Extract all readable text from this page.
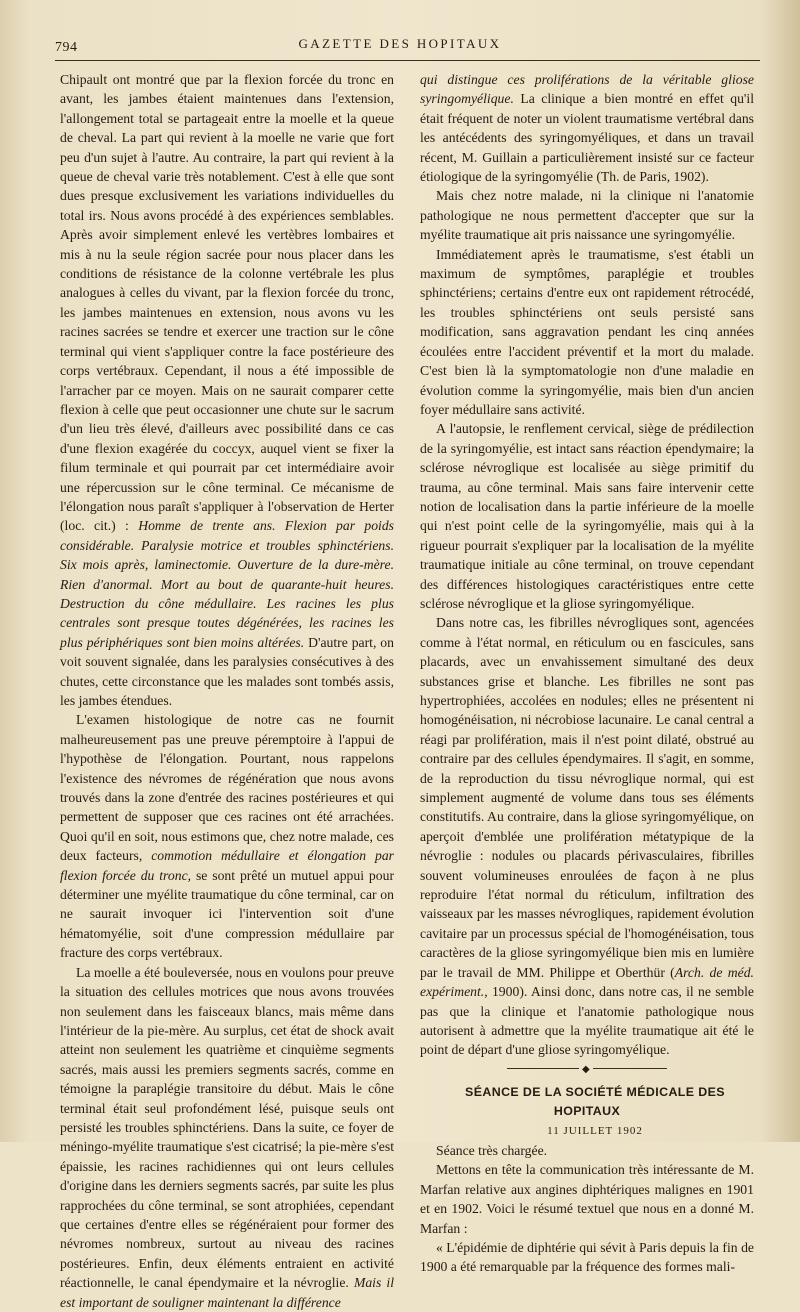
794	GAZETTE DES HOPITAUX

Chipault ont montré que par la flexion forcée du tronc en avant, les jambes étaient maintenues dans l'extension, l'allongement total se partageait entre la moelle et la queue de cheval. La part qui revient à la moelle ne varie que fort peu d'un sujet à l'autre. Au contraire, la part qui revient à la queue de cheval varie très notablement. C'est à elle que sont dues presque exclusivement les variations individuelles du total irs. Nous avons procédé à des expériences semblables. Après avoir simplement enlevé les vertèbres lombaires et mis à nu la seule région sacrée pour nous placer dans les conditions de résistance de la colonne vertébrale les plus analogues à celles du vivant, par la flexion forcée du tronc, les jambes maintenues en extension, nous avons vu les racines sacrées se tendre et exercer une traction sur le cône terminal qui vient s'appliquer contre la face postérieure des corps vertébraux. Cependant, il nous a été impossible de l'arracher par ce moyen. Mais on ne saurait comparer cette flexion à celle que peut occasionner une chute sur le sacrum d'un lieu très élevé, d'ailleurs avec possibilité dans ce cas d'une flexion exagérée du coccyx, auquel vient se fixer la filum terminale et qui pourrait par cet intermédiaire avoir une répercussion sur le cône terminal. Ce mécanisme de l'élongation nous paraît s'appliquer à l'observation de Herter (loc. cit.) : Homme de trente ans. Flexion par poids considérable. Paralysie motrice et troubles sphinctériens. Six mois après, laminectomie. Ouverture de la dure-mère. Rien d'anormal. Mort au bout de quarante-huit heures. Destruction du cône médullaire. Les racines les plus centrales sont presque toutes dégénérées, les racines les plus périphériques sont bien moins altérées. D'autre part, on voit souvent signalée, dans les paralysies consécutives à des chutes, cette circonstance que les malades sont tombés assis, les jambes étendues.

L'examen histologique de notre cas ne fournit malheureusement pas une preuve péremptoire à l'appui de l'hypothèse de l'élongation. Pourtant, nous rappelons l'existence des névromes de régénération que nous avons trouvés dans la zone d'entrée des racines postérieures et qui permettent de supposer que ces racines ont été arrachées. Quoi qu'il en soit, nous estimons que, chez notre malade, ces deux facteurs, commotion médullaire et élongation par flexion forcée du tronc, se sont prêté un mutuel appui pour déterminer une myélite traumatique du cône terminal, car on ne saurait invoquer ici l'intervention soit d'une hématomyélie, soit d'une compression médullaire par fracture des corps vertébraux.

La moelle a été bouleversée, nous en voulons pour preuve la situation des cellules motrices que nous avons trouvées non seulement dans les faisceaux blancs, mais même dans l'intérieur de la pie-mère. Au surplus, cet état de shock avait atteint non seulement les quatrième et cinquième segments sacrés, mais aussi les premiers segments sacrés, comme en témoigne la paraplégie transitoire du début. Mais le cône terminal était seul profondément lésé, puisque seuls ont persisté les troubles sphinctériens. Dans la suite, ce foyer de méningo-myélite traumatique s'est cicatrisé; la pie-mère s'est épaissie, les racines rachidiennes qui ont leurs cellules d'origine dans les derniers segments sacrés, par suite les plus rapprochées du cône terminal, se sont atrophiées, cependant que certaines d'entre elles se régénéraient pour former des névromes nombreux, surtout au niveau des racines postérieures. Enfin, deux éléments entraient en activité réactionnelle, le canal épendymaire et la névroglie. Mais il est important de souligner maintenant la différence

qui distingue ces proliférations de la véritable gliose syringomyélique. La clinique a bien montré en effet qu'il était fréquent de noter un violent traumatisme vertébral dans les antécédents des syringomyéliques, et dans un travail récent, M. Guillain a particulièrement insisté sur ce facteur étiologique de la syringomyélie (Th. de Paris, 1902).

Mais chez notre malade, ni la clinique ni l'anatomie pathologique ne nous permettent d'accepter que sur la myélite traumatique ait pris naissance une syringomyélie.

Immédiatement après le traumatisme, s'est établi un maximum de symptômes, paraplégie et troubles sphinctériens; certains d'entre eux ont rapidement rétrocédé, les troubles sphinctériens ont seuls persisté sans modification, sans aggravation pendant les cinq années écoulées entre l'accident préventif et la mort du malade. C'est bien là la symptomatologie non d'une maladie en évolution comme la syringomyélie, mais bien d'un ancien foyer médullaire sans activité.

A l'autopsie, le renflement cervical, siège de prédilection de la syringomyélie, est intact sans réaction épendymaire; la sclérose névroglique est localisée au siège primitif du trauma, au cône terminal. Mais sans faire intervenir cette notion de localisation dans la partie inférieure de la moelle qui n'est point celle de la syringomyélie, mais qui à la rigueur pourrait s'expliquer par la localisation de la myélite traumatique initiale au cône terminal, on trouve cependant des différences histologiques caractéristiques entre cette sclérose névroglique et la gliose syringomyélique.

Dans notre cas, les fibrilles névrogliques sont, agencées comme à l'état normal, en réticulum ou en fascicules, sans placards, avec un envahissement simultané des deux substances grise et blanche. Les fibrilles ne sont pas hypertrophiées, accolées en nodules; elles ne présentent ni homogénéisation, ni nécrobiose lacunaire. Le canal central a réagi par prolifération, mais il n'est point dilaté, obstrué au contraire par des cellules épendymaires. Il s'agit, en somme, de la reproduction du tissu névroglique normal, qui est simplement augmenté de volume dans tous ses éléments constitutifs. Au contraire, dans la gliose syringomyélique, on aperçoit d'emblée une prolifération métatypique de la névroglie : nodules ou placards périvasculaires, fibrilles souvent volumineuses enroulées de façon à ne plus reproduire l'état normal du réticulum, infiltration des vaisseaux par les masses névrogliques, rapidement évolution cavitaire par un processus spécial de l'homogénéisation, tous caractères de la gliose syringomyélique bien mis en lumière par le travail de MM. Philippe et Oberthür (Arch. de méd. expériment., 1900). Ainsi donc, dans notre cas, il ne semble pas que la clinique et l'anatomie pathologique nous autorisent à admettre que la myélite traumatique ait été le point de départ d'une gliose syringomyélique.

◆

SÉANCE DE LA SOCIÉTÉ MÉDICALE DES HOPITAUX

11 JUILLET 1902

Séance très chargée.

Mettons en tête la communication très intéressante de M. Marfan relative aux angines diphtériques malignes en 1901 et en 1902. Voici le résumé textuel que nous en a donné M. Marfan :

« L'épidémie de diphtérie qui sévit à Paris depuis la fin de 1900 a été remarquable par la fréquence des formes mali-
